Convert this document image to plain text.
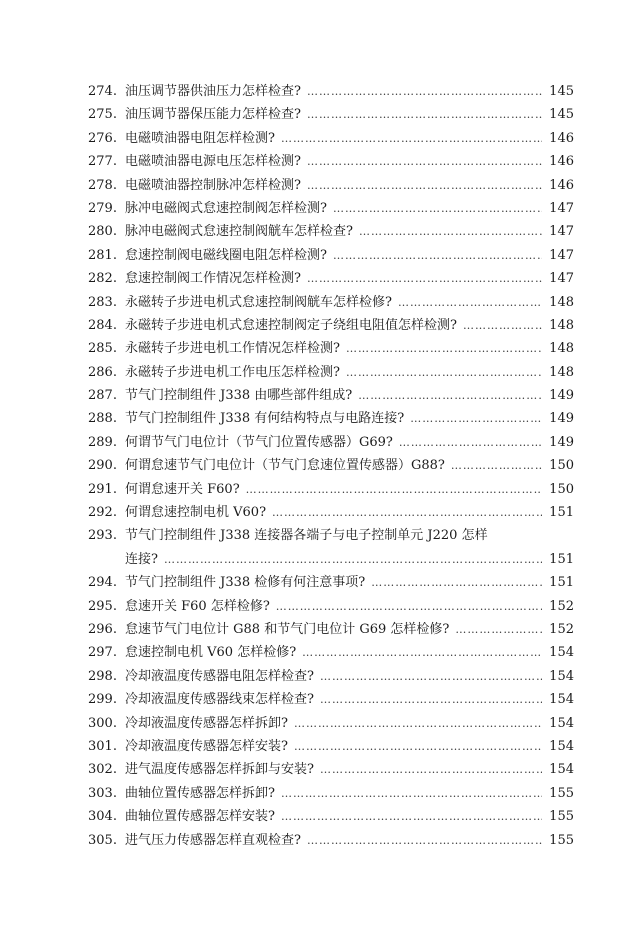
274. 油压调节器供油压力怎样检查? ……………………………………………………………………………………………………………………………………………………	145
275. 油压调节器保压能力怎样检查? ……………………………………………………………………………………………………………………………………………………	145
276. 电磁喷油器电阻怎样检测? ……………………………………………………………………………………………………………………………………………………	146
277. 电磁喷油器电源电压怎样检测? ……………………………………………………………………………………………………………………………………………………	146
278. 电磁喷油器控制脉冲怎样检测? ……………………………………………………………………………………………………………………………………………………	146
279. 脉冲电磁阀式怠速控制阀怎样检测? ……………………………………………………………………………………………………………………………………………………	147
280. 脉冲电磁阀式怠速控制阀觥车怎样检查? ……………………………………………………………………………………………………………………………………………………	147
281. 怠速控制阀电磁线圈电阻怎样检测? ……………………………………………………………………………………………………………………………………………………	147
282. 怠速控制阀工作情况怎样检测? ……………………………………………………………………………………………………………………………………………………	147
283. 永磁转子步进电机式怠速控制阀觥车怎样检修? ……………………………………………………………………………………………………………………………………………………	148
284. 永磁转子步进电机式怠速控制阀定子绕组电阻值怎样检测? ……………………………………………………………………………………………………………………………………………………	148
285. 永磁转子步进电机工作情况怎样检测? ……………………………………………………………………………………………………………………………………………………	148
286. 永磁转子步进电机工作电压怎样检测? ……………………………………………………………………………………………………………………………………………………	148
287. 节气门控制组件 J338 由哪些部件组成? ……………………………………………………………………………………………………………………………………………………	149
288. 节气门控制组件 J338 有何结构特点与电路连接? ……………………………………………………………………………………………………………………………………………………	149
289. 何谓节气门电位计（节气门位置传感器）G69? ……………………………………………………………………………………………………………………………………………………	149
290. 何谓怠速节气门电位计（节气门怠速位置传感器）G88? ……………………………………………………………………………………………………………………………………………………	150
291. 何谓怠速开关 F60? ……………………………………………………………………………………………………………………………………………………	150
292. 何谓怠速控制电机 V60? ……………………………………………………………………………………………………………………………………………………	151
293. 节气门控制组件 J338 连接器各端子与电子控制单元 J220 怎样
连接? ……………………………………………………………………………………………………………………………………………………	151
294. 节气门控制组件 J338 检修有何注意事项? ……………………………………………………………………………………………………………………………………………………	151
295. 怠速开关 F60 怎样检修? ……………………………………………………………………………………………………………………………………………………	152
296. 怠速节气门电位计 G88 和节气门电位计 G69 怎样检修? ……………………………………………………………………………………………………………………………………………………	152
297. 怠速控制电机 V60 怎样检修? ……………………………………………………………………………………………………………………………………………………	154
298. 冷却液温度传感器电阻怎样检查? ……………………………………………………………………………………………………………………………………………………	154
299. 冷却液温度传感器线束怎样检查? ……………………………………………………………………………………………………………………………………………………	154
300. 冷却液温度传感器怎样拆卸? ……………………………………………………………………………………………………………………………………………………	154
301. 冷却液温度传感器怎样安装? ……………………………………………………………………………………………………………………………………………………	154
302. 进气温度传感器怎样拆卸与安装? ……………………………………………………………………………………………………………………………………………………	154
303. 曲轴位置传感器怎样拆卸? ……………………………………………………………………………………………………………………………………………………	155
304. 曲轴位置传感器怎样安装? ……………………………………………………………………………………………………………………………………………………	155
305. 进气压力传感器怎样直观检查? ……………………………………………………………………………………………………………………………………………………	155
